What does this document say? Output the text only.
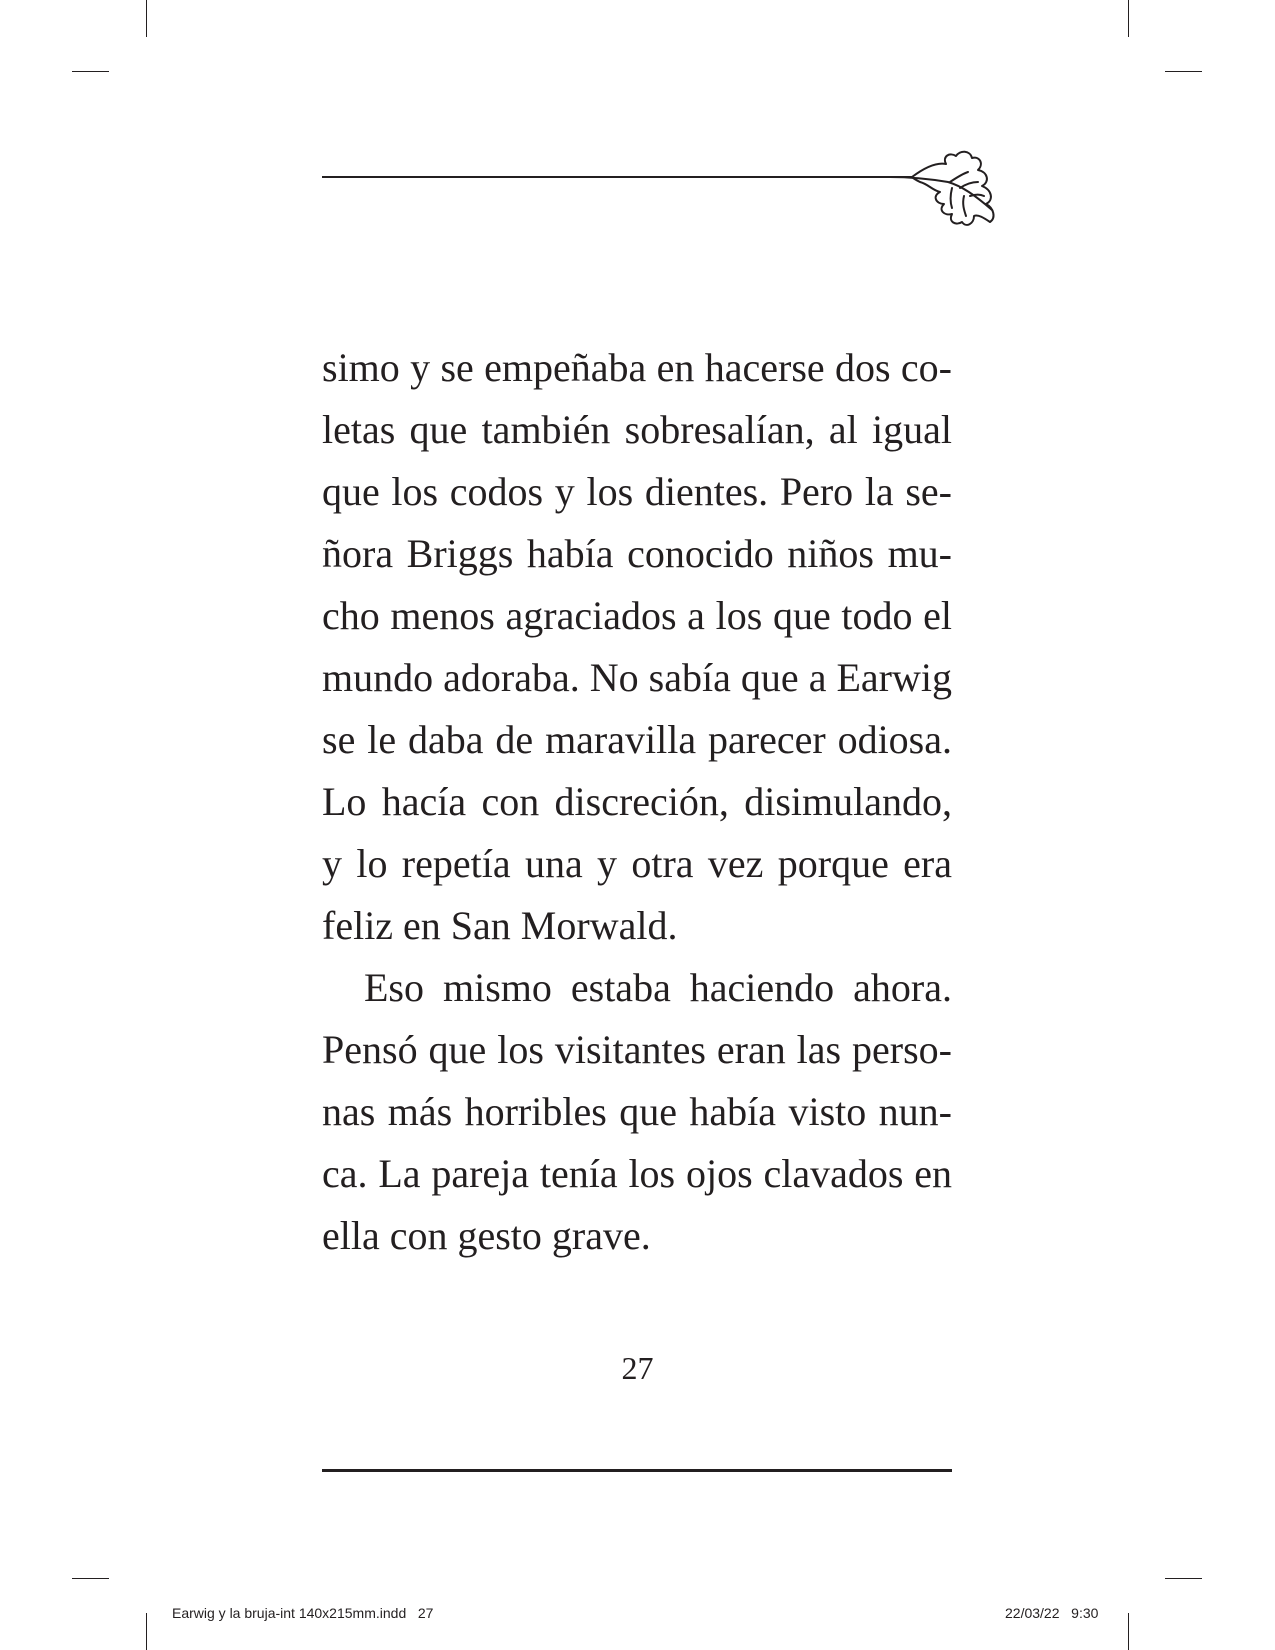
simo y se empeñaba en hacerse dos co-
letas que también sobresalían, al igual
que los codos y los dientes. Pero la se-
ñora Briggs había conocido niños mu-
cho menos agraciados a los que todo el
mundo adoraba. No sabía que a Earwig
se le daba de maravilla parecer odiosa.
Lo hacía con discreción, disimulando,
y lo repetía una y otra vez porque era
feliz en San Morwald.

Eso mismo estaba haciendo ahora.
Pensó que los visitantes eran las perso-
nas más horribles que había visto nun-
ca. La pareja tenía los ojos clavados en
ella con gesto grave.

27
Earwig y la bruja-int 140x215mm.indd   27	22/03/22   9:30
